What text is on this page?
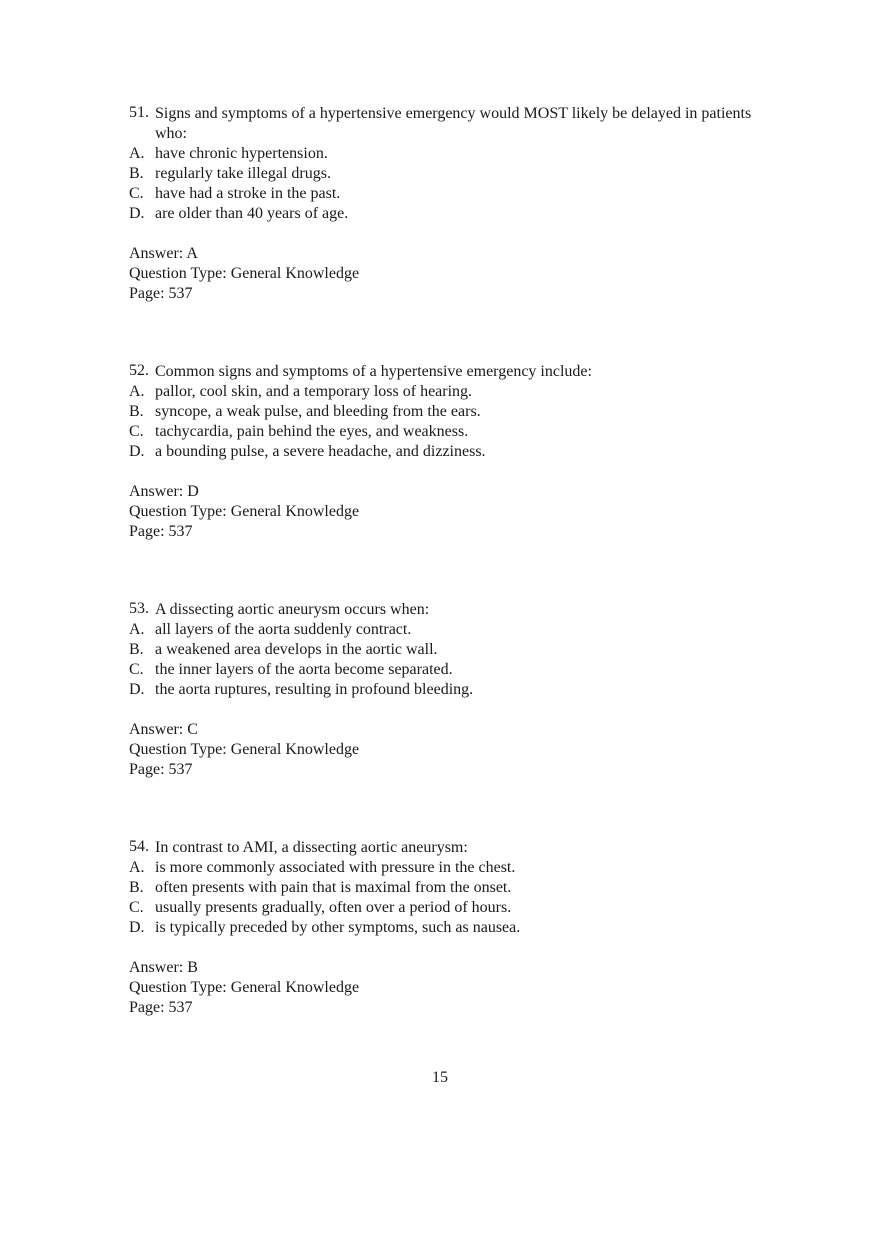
51. Signs and symptoms of a hypertensive emergency would MOST likely be delayed in patients who:
A. have chronic hypertension.
B. regularly take illegal drugs.
C. have had a stroke in the past.
D. are older than 40 years of age.
Answer: A
Question Type: General Knowledge
Page: 537
52. Common signs and symptoms of a hypertensive emergency include:
A. pallor, cool skin, and a temporary loss of hearing.
B. syncope, a weak pulse, and bleeding from the ears.
C. tachycardia, pain behind the eyes, and weakness.
D. a bounding pulse, a severe headache, and dizziness.
Answer: D
Question Type: General Knowledge
Page: 537
53. A dissecting aortic aneurysm occurs when:
A. all layers of the aorta suddenly contract.
B. a weakened area develops in the aortic wall.
C. the inner layers of the aorta become separated.
D. the aorta ruptures, resulting in profound bleeding.
Answer: C
Question Type: General Knowledge
Page: 537
54. In contrast to AMI, a dissecting aortic aneurysm:
A. is more commonly associated with pressure in the chest.
B. often presents with pain that is maximal from the onset.
C. usually presents gradually, often over a period of hours.
D. is typically preceded by other symptoms, such as nausea.
Answer: B
Question Type: General Knowledge
Page: 537
15
